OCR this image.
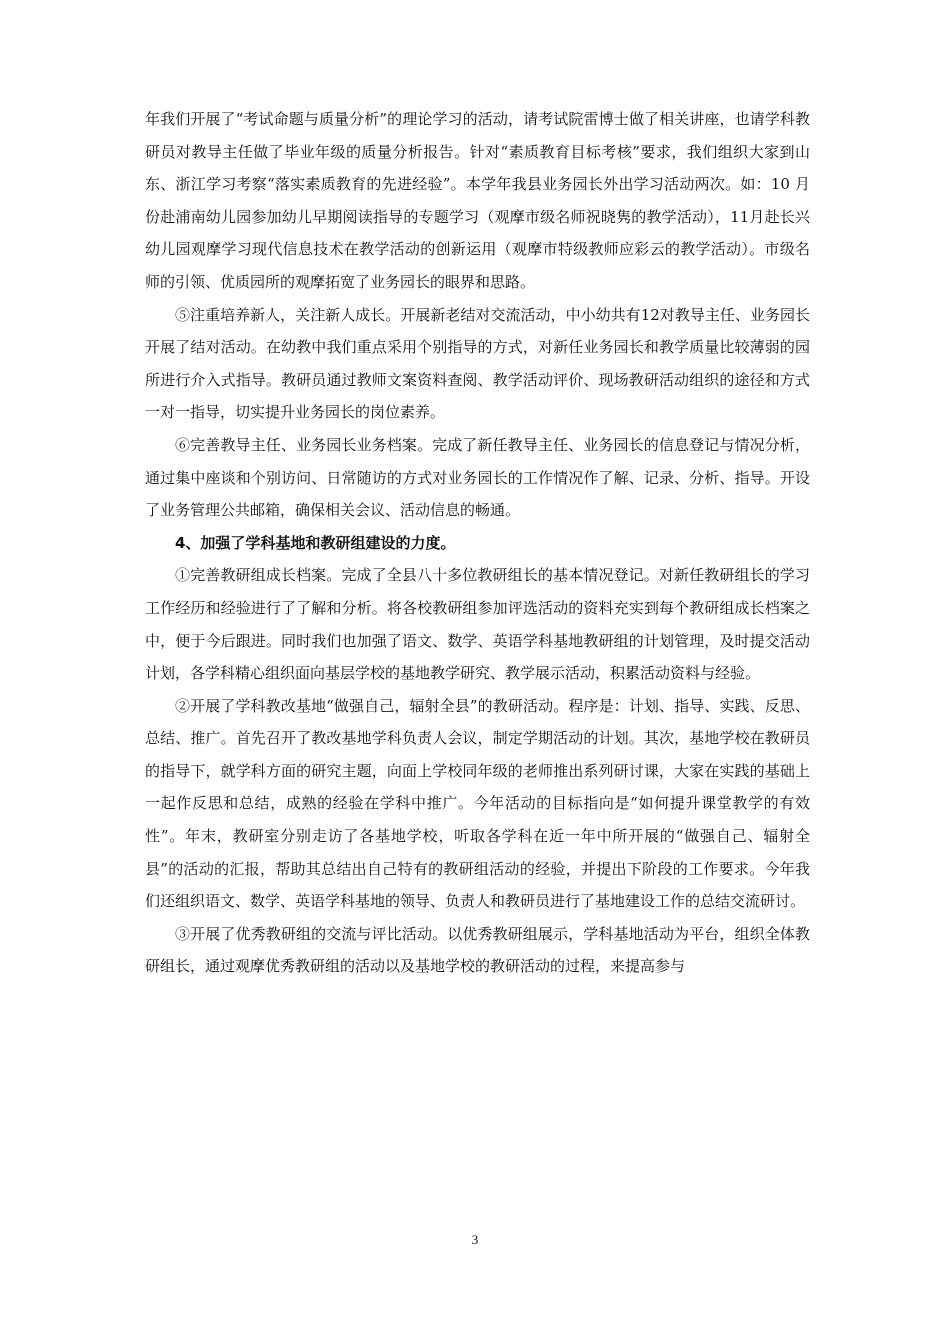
年我们开展了“考试命题与质量分析”的理论学习的活动，请考试院雷博士做了相关讲座，也请学科教研员对教导主任做了毕业年级的质量分析报告。针对“素质教育目标考核”要求，我们组织大家到山东、浙江学习考察“落实素质教育的先进经验”。本学年我县业务园长外出学习活动两次。如：10 月份赴浦南幼儿园参加幼儿早期阅读指导的专题学习（观摩市级名师祝晓隽的教学活动），11月赴长兴幼儿园观摩学习现代信息技术在教学活动的创新运用（观摩市特级教师应彩云的教学活动）。市级名师的引领、优质园所的观摩拓宽了业务园长的眼界和思路。

⑤注重培养新人，关注新人成长。开展新老结对交流活动，中小幼共有12对教导主任、业务园长开展了结对活动。在幼教中我们重点采用个别指导的方式，对新任业务园长和教学质量比较薄弱的园所进行介入式指导。教研员通过教师文案资料查阅、教学活动评价、现场教研活动组织的途径和方式一对一指导，切实提升业务园长的岗位素养。

⑥完善教导主任、业务园长业务档案。完成了新任教导主任、业务园长的信息登记与情况分析，通过集中座谈和个别访问、日常随访的方式对业务园长的工作情况作了解、记录、分析、指导。开设了业务管理公共邮箱，确保相关会议、活动信息的畅通。

4、加强了学科基地和教研组建设的力度。

①完善教研组成长档案。完成了全县八十多位教研组长的基本情况登记。对新任教研组长的学习工作经历和经验进行了了解和分析。将各校教研组参加评选活动的资料充实到每个教研组成长档案之中，便于今后跟进。同时我们也加强了语文、数学、英语学科基地教研组的计划管理，及时提交活动计划，各学科精心组织面向基层学校的基地教学研究、教学展示活动，积累活动资料与经验。

②开展了学科教改基地“做强自己，辐射全县”的教研活动。程序是：计划、指导、实践、反思、总结、推广。首先召开了教改基地学科负责人会议，制定学期活动的计划。其次，基地学校在教研员的指导下，就学科方面的研究主题，向面上学校同年级的老师推出系列研讨课，大家在实践的基础上一起作反思和总结，成熟的经验在学科中推广。今年活动的目标指向是“如何提升课堂教学的有效性”。年末，教研室分别走访了各基地学校，听取各学科在近一年中所开展的“做强自己、辐射全县”的活动的汇报，帮助其总结出自己特有的教研组活动的经验，并提出下阶段的工作要求。今年我们还组织语文、数学、英语学科基地的领导、负责人和教研员进行了基地建设工作的总结交流研讨。

③开展了优秀教研组的交流与评比活动。以优秀教研组展示，学科基地活动为平台，组织全体教研组长，通过观摩优秀教研组的活动以及基地学校的教研活动的过程，来提高参与

3
